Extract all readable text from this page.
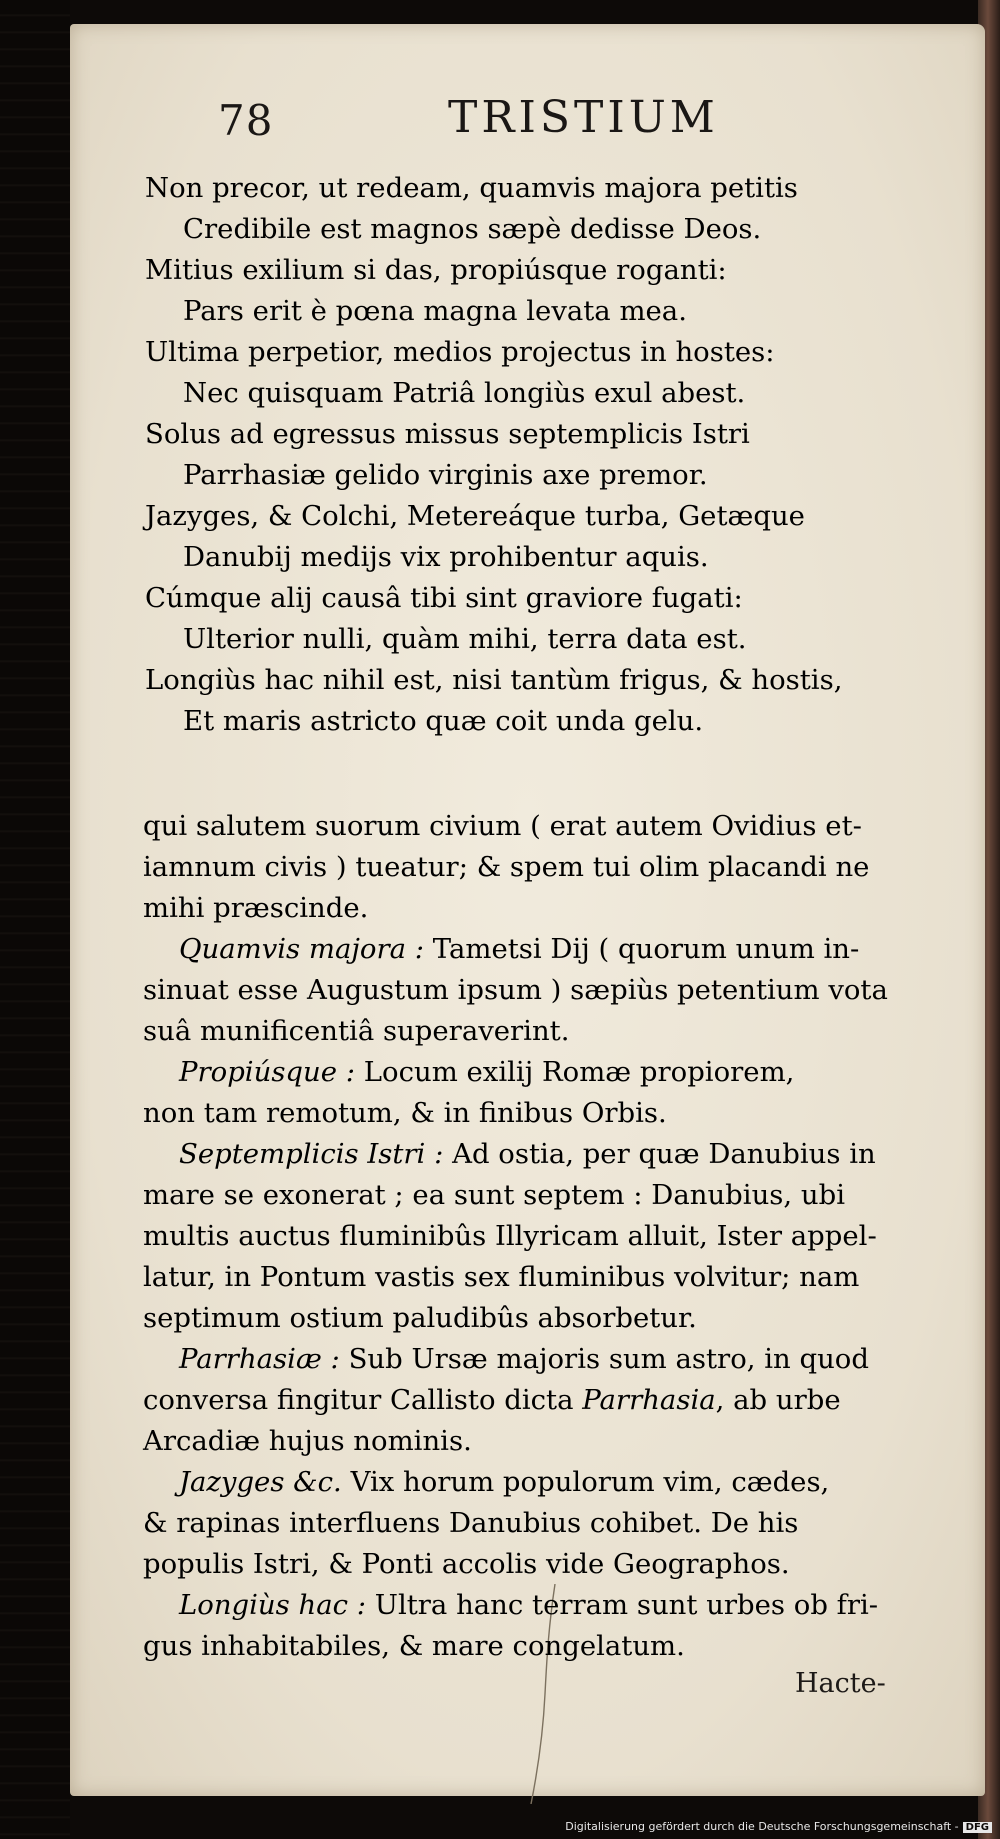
78	TRISTIUM
Non precor, ut redeam, quamvis majora petitis
Credibile est magnos sæpè dedisse Deos.
Mitius exilium si das, propiúsque roganti:
Pars erit è pœna magna levata mea.
Ultima perpetior, medios projectus in hostes:
Nec quisquam Patriâ longiùs exul abest.
Solus ad egressus missus septemplicis Istri
Parrhasiæ gelido virginis axe premor.
Jazyges, & Colchi, Metereáque turba, Getæque
Danubij medijs vix prohibentur aquis.
Cúmque alij causâ tibi sint graviore fugati:
Ulterior nulli, quàm mihi, terra data est.
Longiùs hac nihil est, nisi tantùm frigus, & hostis,
Et maris astricto quæ coit unda gelu.
qui salutem suorum civium ( erat autem Ovidius et-
iamnum civis ) tueatur; & spem tui olim placandi ne
mihi præscinde.
Quamvis majora : Tametsi Dij ( quorum unum in-
sinuat esse Augustum ipsum ) sæpiùs petentium vota
suâ munificentiâ superaverint.
Propiúsque : Locum exilij Romæ propiorem,
non tam remotum, & in finibus Orbis.
Septemplicis Istri : Ad ostia, per quæ Danubius in
mare se exonerat ; ea sunt septem : Danubius, ubi
multis auctus fluminibûs Illyricam alluit, Ister appel-
latur, in Pontum vastis sex fluminibus volvitur; nam
septimum ostium paludibûs absorbetur.
Parrhasiæ : Sub Ursæ majoris sum astro, in quod
conversa fingitur Callisto dicta Parrhasia, ab urbe
Arcadiæ hujus nominis.
Jazyges &c. Vix horum populorum vim, cædes,
& rapinas interfluens Danubius cohibet. De his
populis Istri, & Ponti accolis vide Geographos.
Longiùs hac : Ultra hanc terram sunt urbes ob fri-
gus inhabitabiles, & mare congelatum.
Hacte-
Digitalisierung gefördert durch die Deutsche Forschungsgemeinschaft - DFG
